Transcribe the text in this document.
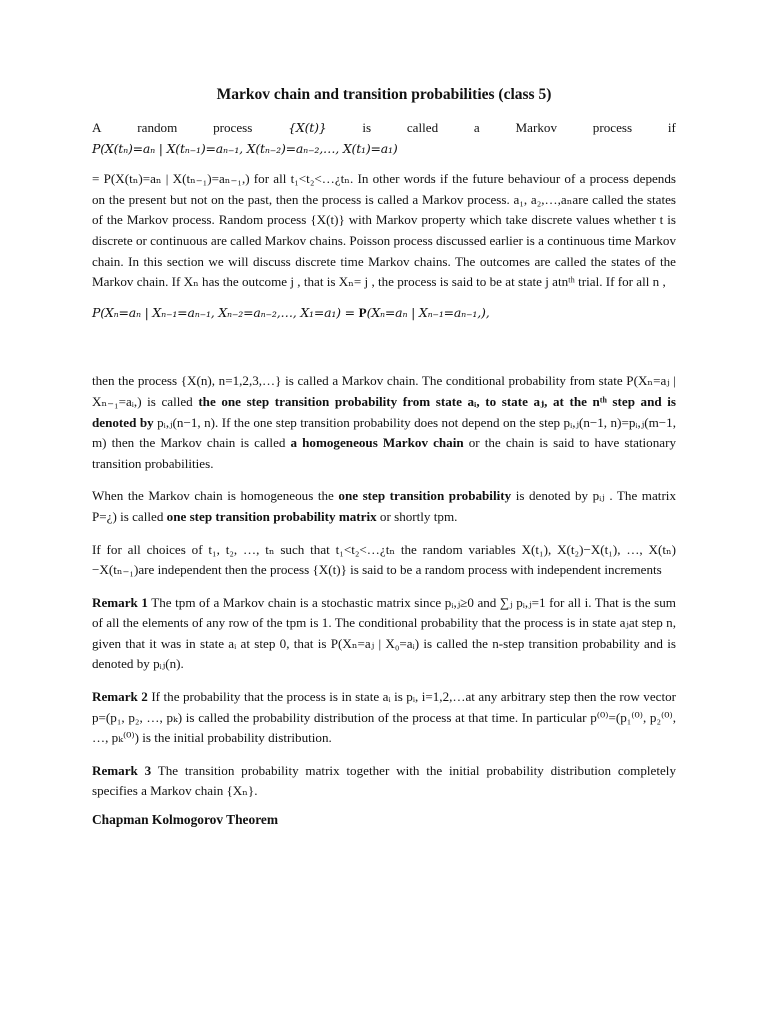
Markov chain and transition probabilities (class 5)
A	random	process	{X(t)}	is	called	a	Markov	process	if
P(X(tₙ)=aₙ | X(tₙ₋₁)=aₙ₋₁, X(tₙ₋₂)=aₙ₋₂,…, X(t₁)=a₁)

= P(X(tₙ)=aₙ | X(tₙ₋₁)=aₙ₋₁,) for all t₁<t₂<…¿tₙ. In other words if the future behaviour of a process depends on the present but not on the past, then the process is called a Markov process. a₁, a₂,…,aₙare called the states of the Markov process. Random process {X(t)} with Markov property which take discrete values whether t is discrete or continuous are called Markov chains. Poisson process discussed earlier is a continuous time Markov chain. In this section we will discuss discrete time Markov chains. The outcomes are called the states of the Markov chain. If Xₙ has the outcome j , that is Xₙ= j , the process is said to be at state j atnᵗʰ trial. If for all n ,

P(Xₙ=aₙ | Xₙ₋₁=aₙ₋₁, Xₙ₋₂=aₙ₋₂,…, X₁=a₁) = P(Xₙ=aₙ | Xₙ₋₁=aₙ₋₁,),

then the process {X(n), n=1,2,3,…} is called a Markov chain. The conditional probability from state P(Xₙ=aⱼ | Xₙ₋₁=aᵢ,) is called the one step transition probability from state aᵢ, to state aⱼ, at the nᵗʰ step and is denoted by pᵢ,ⱼ(n−1, n). If the one step transition probability does not depend on the step pᵢ,ⱼ(n−1, n)=pᵢ,ⱼ(m−1, m) then the Markov chain is called a homogeneous Markov chain or the chain is said to have stationary transition probabilities.

When the Markov chain is homogeneous the one step transition probability is denoted by pᵢⱼ . The matrix P=¿) is called one step transition probability matrix or shortly tpm.

If for all choices of t₁, t₂, …, tₙ such that t₁<t₂<…¿tₙ the random variables X(t₁), X(t₂)−X(t₁), …, X(tₙ)−X(tₙ₋₁)are independent then the process {X(t)} is said to be a random process with independent increments

Remark 1 The tpm of a Markov chain is a stochastic matrix since pᵢ,ⱼ≥0 and ∑ⱼ pᵢ,ⱼ=1 for all i. That is the sum of all the elements of any row of the tpm is 1. The conditional probability that the process is in state aⱼat step n, given that it was in state aᵢ at step 0, that is P(Xₙ=aⱼ | X₀=aᵢ) is called the n-step transition probability and is denoted by pᵢⱼ(n).

Remark 2 If the probability that the process is in state aᵢ is pᵢ, i=1,2,…at any arbitrary step then the row vector p=(p₁, p₂, …, pₖ) is called the probability distribution of the process at that time. In particular p⁽⁰⁾=(p₁⁽⁰⁾, p₂⁽⁰⁾, …, pₖ⁽⁰⁾) is the initial probability distribution.

Remark 3 The transition probability matrix together with the initial probability distribution completely specifies a Markov chain {Xₙ}.

Chapman Kolmogorov Theorem
